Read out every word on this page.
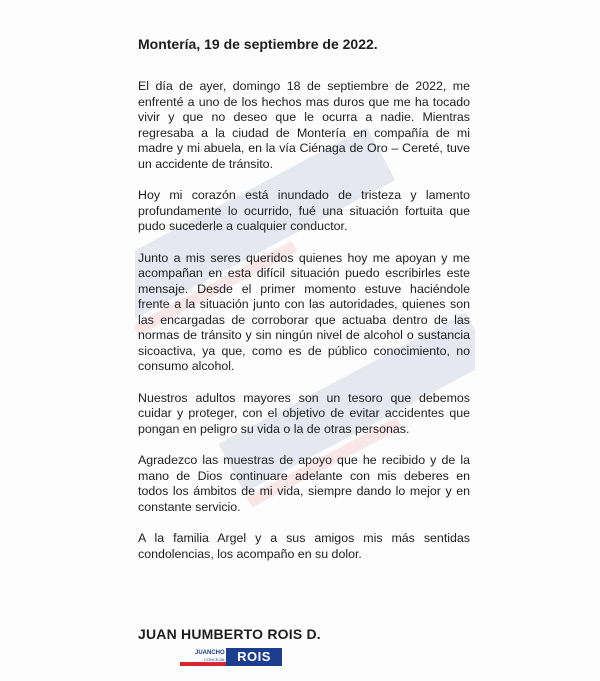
Montería, 19 de septiembre de 2022.

El día de ayer, domingo 18 de septiembre de 2022, me enfrenté a uno de los hechos mas duros que me ha tocado vivir y que no deseo que le ocurra a nadie. Mientras regresaba a la ciudad de Montería en compañía de mi madre y mi abuela, en la vía Ciénaga de Oro – Cereté, tuve un accidente de tránsito.

Hoy mi corazón está inundado de tristeza y lamento profundamente lo ocurrido, fué una situación fortuita que pudo sucederle a cualquier conductor.

Junto a mis seres queridos quienes hoy me apoyan y me acompañan en esta difícil situación puedo escribirles este mensaje. Desde el primer momento estuve haciéndole frente a la situación junto con las autoridades, quienes son las encargadas de corroborar que actuaba dentro de las normas de tránsito y sin ningún nivel de alcohol o sustancia sicoactiva, ya que, como es de público conocimiento, no consumo alcohol.

Nuestros adultos mayores son un tesoro que debemos cuidar y proteger, con el objetivo de evitar accidentes que pongan en peligro su vida o la de otras personas.

Agradezco las muestras de apoyo que he recibido y de la mano de Dios continuare adelante con mis deberes en todos los ámbitos de mi vida, siempre dando lo mejor y en constante servicio.

A la familia Argel y a sus amigos mis más sentidas condolencias, los acompaño en su dolor.

JUAN HUMBERTO ROIS D.
JUANCHO
CONCEJAL ROIS
